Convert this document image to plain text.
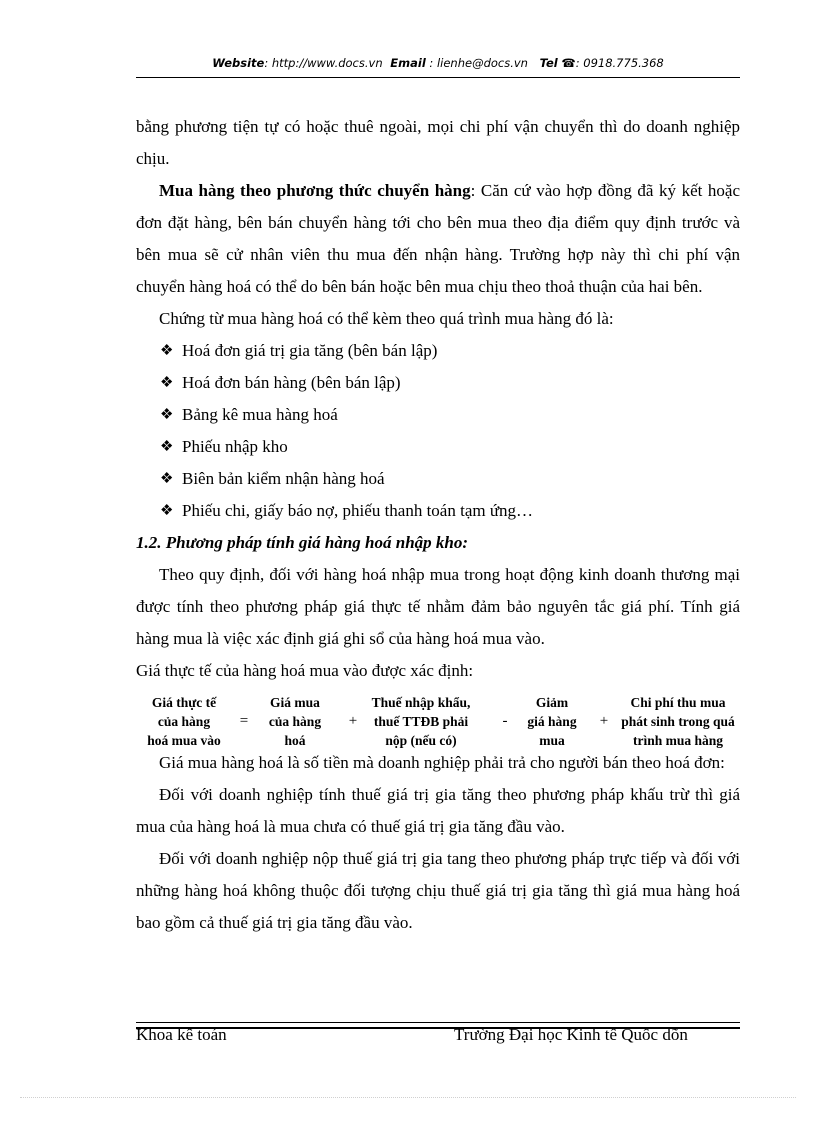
Website: http://www.docs.vn Email : lienhe@docs.vn Tel ☎: 0918.775.368

bằng phương tiện tự có hoặc thuê ngoài, mọi chi phí vận chuyển thì do doanh nghiệp chịu.

Mua hàng theo phương thức chuyển hàng: Căn cứ vào hợp đồng đã ký kết hoặc đơn đặt hàng, bên bán chuyển hàng tới cho bên mua theo địa điểm quy định trước và bên mua sẽ cử nhân viên thu mua đến nhận hàng. Trường hợp này thì chi phí vận chuyển hàng hoá có thể do bên bán hoặc bên mua chịu theo thoả thuận của hai bên.

Chứng từ mua hàng hoá có thể kèm theo quá trình mua hàng đó là:

❖ Hoá đơn giá trị gia tăng (bên bán lập)

❖ Hoá đơn bán hàng (bên bán lập)

❖ Bảng kê mua hàng hoá

❖ Phiếu nhập kho

❖ Biên bản kiểm nhận hàng hoá

❖ Phiếu chi, giấy báo nợ, phiếu thanh toán tạm ứng…

1.2. Phương pháp tính giá hàng hoá nhập kho:

Theo quy định, đối với hàng hoá nhập mua trong hoạt động kinh doanh thương mại được tính theo phương pháp giá thực tế nhằm đảm bảo nguyên tắc giá phí. Tính giá hàng mua là việc xác định giá ghi sổ của hàng hoá mua vào.

Giá thực tế của hàng hoá mua vào được xác định:

Giá thực tế
của hàng
hoá mua vào
=
Giá mua
của hàng
hoá
+
Thuế nhập khẩu,
thuế TTĐB phải
nộp (nếu có)
-
Giảm
giá hàng
mua
+
Chi phí thu mua
phát sinh trong quá
trình mua hàng

Giá mua hàng hoá là số tiền mà doanh nghiệp phải trả cho người bán theo hoá đơn:

Đối với doanh nghiệp tính thuế giá trị gia tăng theo phương pháp khấu trừ thì giá mua của hàng hoá là mua chưa có thuế giá trị gia tăng đầu vào.

Đối với doanh nghiệp nộp thuế giá trị gia tang theo phương pháp trực tiếp và đối với những hàng hoá không thuộc đối tượng chịu thuế giá trị gia tăng thì giá mua hàng hoá bao gồm cả thuế giá trị gia tăng đầu vào.

Khoa kế toán	Trường Đại học Kinh tế Quốc dõn
